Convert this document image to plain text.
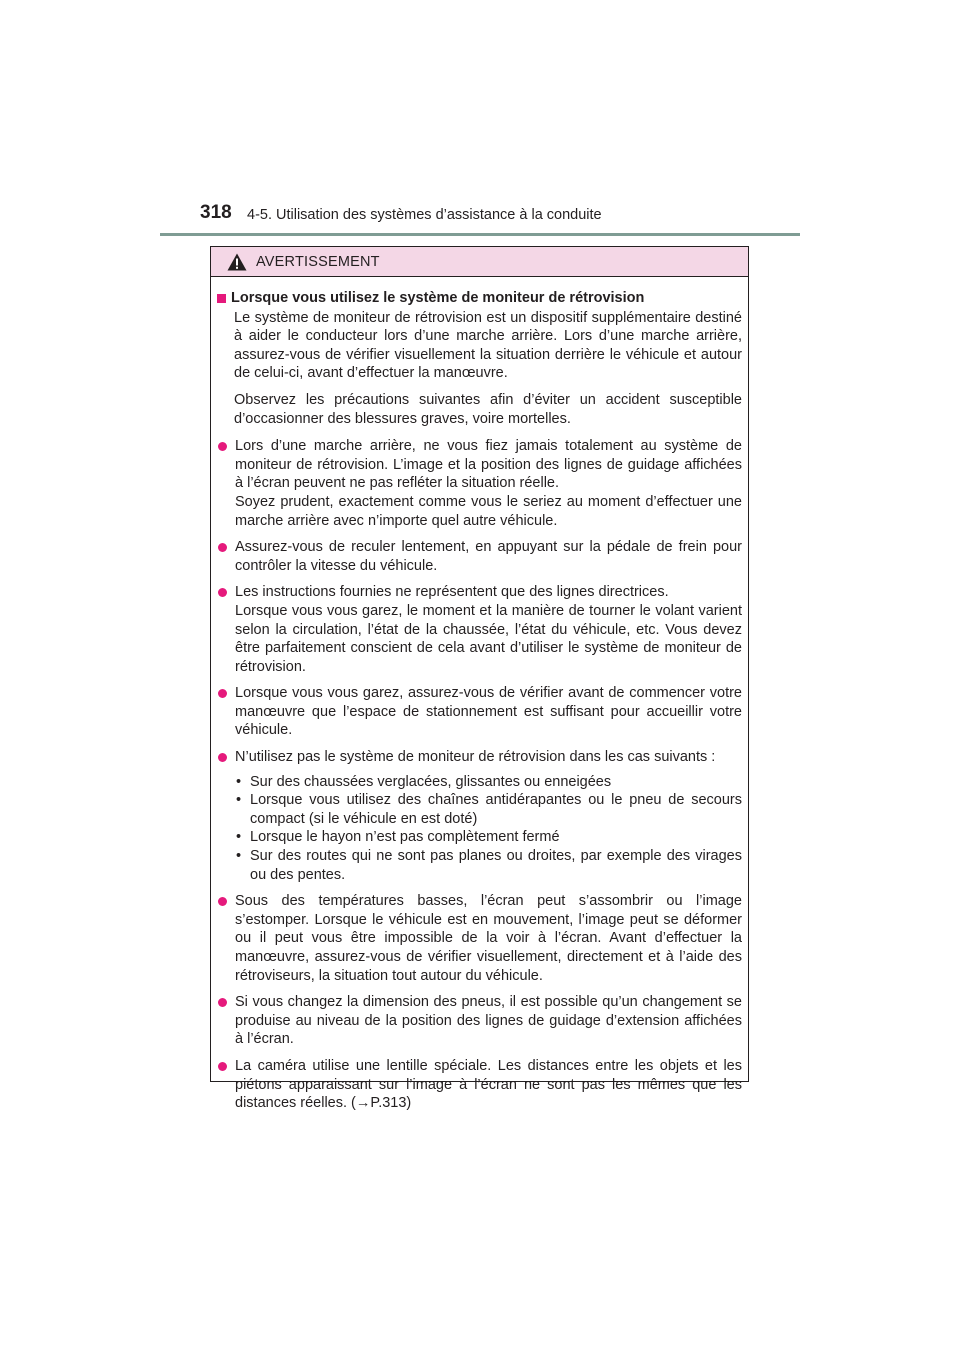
318 4-5. Utilisation des systèmes d’assistance à la conduite
AVERTISSEMENT
Lorsque vous utilisez le système de moniteur de rétrovision

Le système de moniteur de rétrovision est un dispositif supplémentaire destiné à aider le conducteur lors d’une marche arrière. Lors d’une marche arrière, assurez-vous de vérifier visuellement la situation derrière le véhicule et autour de celui-ci, avant d’effectuer la manœuvre.

Observez les précautions suivantes afin d’éviter un accident susceptible d’occasionner des blessures graves, voire mortelles.

Lors d’une marche arrière, ne vous fiez jamais totalement au système de moniteur de rétrovision. L’image et la position des lignes de guidage affichées à l’écran peuvent ne pas refléter la situation réelle.

Soyez prudent, exactement comme vous le seriez au moment d’effectuer une marche arrière avec n’importe quel autre véhicule.

Assurez-vous de reculer lentement, en appuyant sur la pédale de frein pour contrôler la vitesse du véhicule.

Les instructions fournies ne représentent que des lignes directrices.

Lorsque vous vous garez, le moment et la manière de tourner le volant varient selon la circulation, l’état de la chaussée, l’état du véhicule, etc. Vous devez être parfaitement conscient de cela avant d’utiliser le système de moniteur de rétrovision.

Lorsque vous vous garez, assurez-vous de vérifier avant de commencer votre manœuvre que l’espace de stationnement est suffisant pour accueillir votre véhicule.

N’utilisez pas le système de moniteur de rétrovision dans les cas suivants :

• Sur des chaussées verglacées, glissantes ou enneigées
• Lorsque vous utilisez des chaînes antidérapantes ou le pneu de secours compact (si le véhicule en est doté)
• Lorsque le hayon n’est pas complètement fermé
• Sur des routes qui ne sont pas planes ou droites, par exemple des virages ou des pentes.

Sous des températures basses, l’écran peut s’assombrir ou l’image s’estomper. Lorsque le véhicule est en mouvement, l’image peut se déformer ou il peut vous être impossible de la voir à l’écran. Avant d’effectuer la manœuvre, assurez-vous de vérifier visuellement, directement et à l’aide des rétroviseurs, la situation tout autour du véhicule.

Si vous changez la dimension des pneus, il est possible qu’un changement se produise au niveau de la position des lignes de guidage d’extension affichées à l’écran.

La caméra utilise une lentille spéciale. Les distances entre les objets et les piétons apparaissant sur l’image à l’écran ne sont pas les mêmes que les distances réelles. (→P.313)
